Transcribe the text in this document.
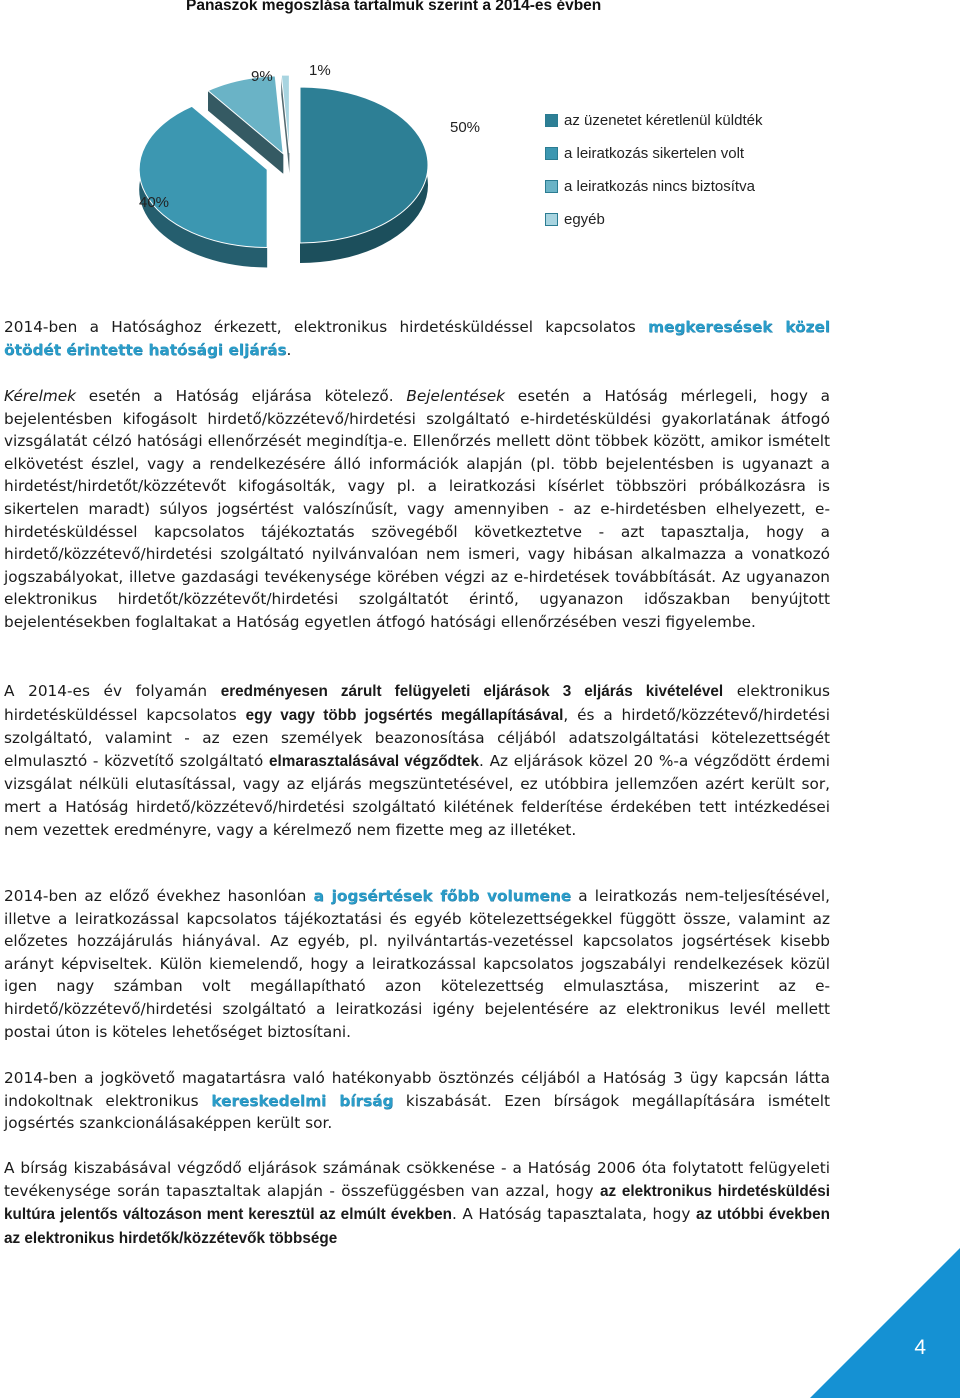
Panaszok megoszlása tartalmuk szerint a 2014-es évben
50%
40%
9% 1%
az üzenetet kéretlenül küldték
a leiratkozás sikertelen volt
a leiratkozás nincs biztosítva
egyéb

2014-ben a Hatósághoz érkezett, elektronikus hirdetésküldéssel kapcsolatos megkeresések közel ötödét érintette hatósági eljárás.

Kérelmek esetén a Hatóság eljárása kötelező. Bejelentések esetén a Hatóság mérlegeli, hogy a bejelentésben kifogásolt hirdető/közzétevő/hirdetési szolgáltató e-hirdetésküldési gyakorlatának átfogó vizsgálatát célzó hatósági ellenőrzését megindítja-e. Ellenőrzés mellett dönt többek között, amikor ismételt elkövetést észlel, vagy a rendelkezésére álló információk alapján (pl. több bejelentésben is ugyanazt a hirdetést/hirdetőt/közzétevőt kifogásolták, vagy pl. a leiratkozási kísérlet többszöri próbálkozásra is sikertelen maradt) súlyos jogsértést valószínűsít, vagy amennyiben - az e-hirdetésben elhelyezett, e-hirdetésküldéssel kapcsolatos tájékoztatás szövegéből következtetve - azt tapasztalja, hogy a hirdető/közzétevő/hirdetési szolgáltató nyilvánvalóan nem ismeri, vagy hibásan alkalmazza a vonatkozó jogszabályokat, illetve gazdasági tevékenysége körében végzi az e-hirdetések továbbítását. Az ugyanazon elektronikus hirdetőt/közzétevőt/hirdetési szolgáltatót érintő, ugyanazon időszakban benyújtott bejelentésekben foglaltakat a Hatóság egyetlen átfogó hatósági ellenőrzésében veszi figyelembe.

A 2014-es év folyamán eredményesen zárult felügyeleti eljárások 3 eljárás kivételével elektronikus hirdetésküldéssel kapcsolatos egy vagy több jogsértés megállapításával, és a hirdető/közzétevő/hirdetési szolgáltató, valamint - az ezen személyek beazonosítása céljából adatszolgáltatási kötelezettségét elmulasztó - közvetítő szolgáltató elmarasztalásával végződtek. Az eljárások közel 20 %-a végződött érdemi vizsgálat nélküli elutasítással, vagy az eljárás megszüntetésével, ez utóbbira jellemzően azért került sor, mert a Hatóság hirdető/közzétevő/hirdetési szolgáltató kilétének felderítése érdekében tett intézkedései nem vezettek eredményre, vagy a kérelmező nem fizette meg az illetéket.

2014-ben az előző évekhez hasonlóan a jogsértések főbb volumene a leiratkozás nem-teljesítésével, illetve a leiratkozással kapcsolatos tájékoztatási és egyéb kötelezettségekkel függött össze, valamint az előzetes hozzájárulás hiányával. Az egyéb, pl. nyilvántartás-vezetéssel kapcsolatos jogsértések kisebb arányt képviseltek. Külön kiemelendő, hogy a leiratkozással kapcsolatos jogszabályi rendelkezések közül igen nagy számban volt megállapítható azon kötelezettség elmulasztása, miszerint az e-hirdető/közzétevő/hirdetési szolgáltató a leiratkozási igény bejelentésére az elektronikus levél mellett postai úton is köteles lehetőséget biztosítani.

2014-ben a jogkövető magatartásra való hatékonyabb ösztönzés céljából a Hatóság 3 ügy kapcsán látta indokoltnak elektronikus kereskedelmi bírság kiszabását. Ezen bírságok megállapítására ismételt jogsértés szankcionálásaképpen került sor.

A bírság kiszabásával végződő eljárások számának csökkenése - a Hatóság 2006 óta folytatott felügyeleti tevékenysége során tapasztaltak alapján - összefüggésben van azzal, hogy az elektronikus hirdetésküldési kultúra jelentős változáson ment keresztül az elmúlt években. A Hatóság tapasztalata, hogy az utóbbi években az elektronikus hirdetők/közzétevők többsége

4
